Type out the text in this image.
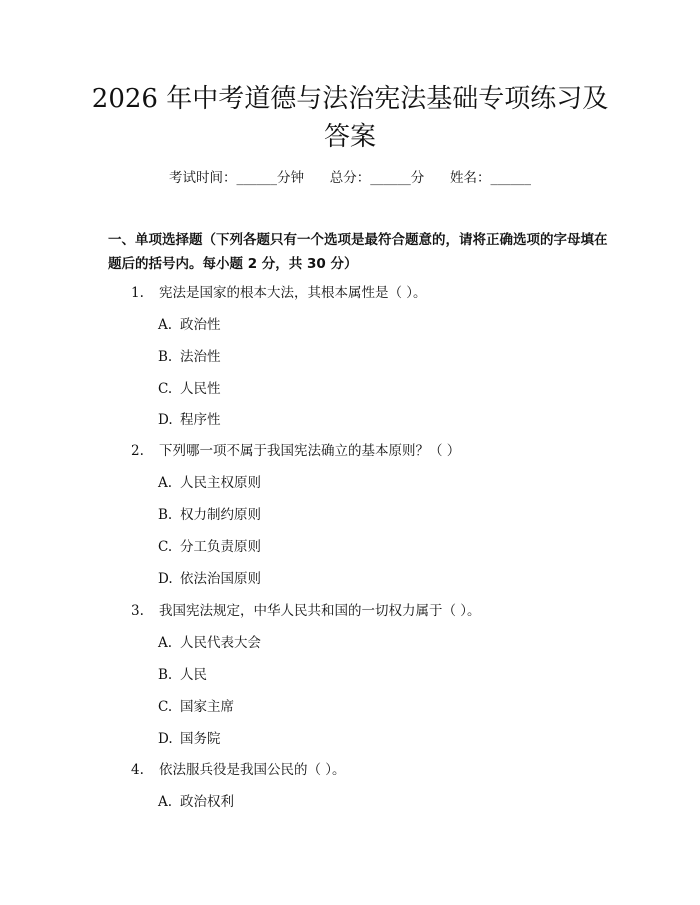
2026 年中考道德与法治宪法基础专项练习及答案
考试时间：______分钟 总分：______分 姓名：______
一、单项选择题（下列各题只有一个选项是最符合题意的，请将正确选项的字母填在题后的括号内。每小题 2 分，共 30 分）
1. 宪法是国家的根本大法，其根本属性是（ ）。
A. 政治性
B. 法治性
C. 人民性
D. 程序性
2. 下列哪一项不属于我国宪法确立的基本原则？（ ）
A. 人民主权原则
B. 权力制约原则
C. 分工负责原则
D. 依法治国原则
3. 我国宪法规定，中华人民共和国的一切权力属于（ ）。
A. 人民代表大会
B. 人民
C. 国家主席
D. 国务院
4. 依法服兵役是我国公民的（ ）。
A. 政治权利
